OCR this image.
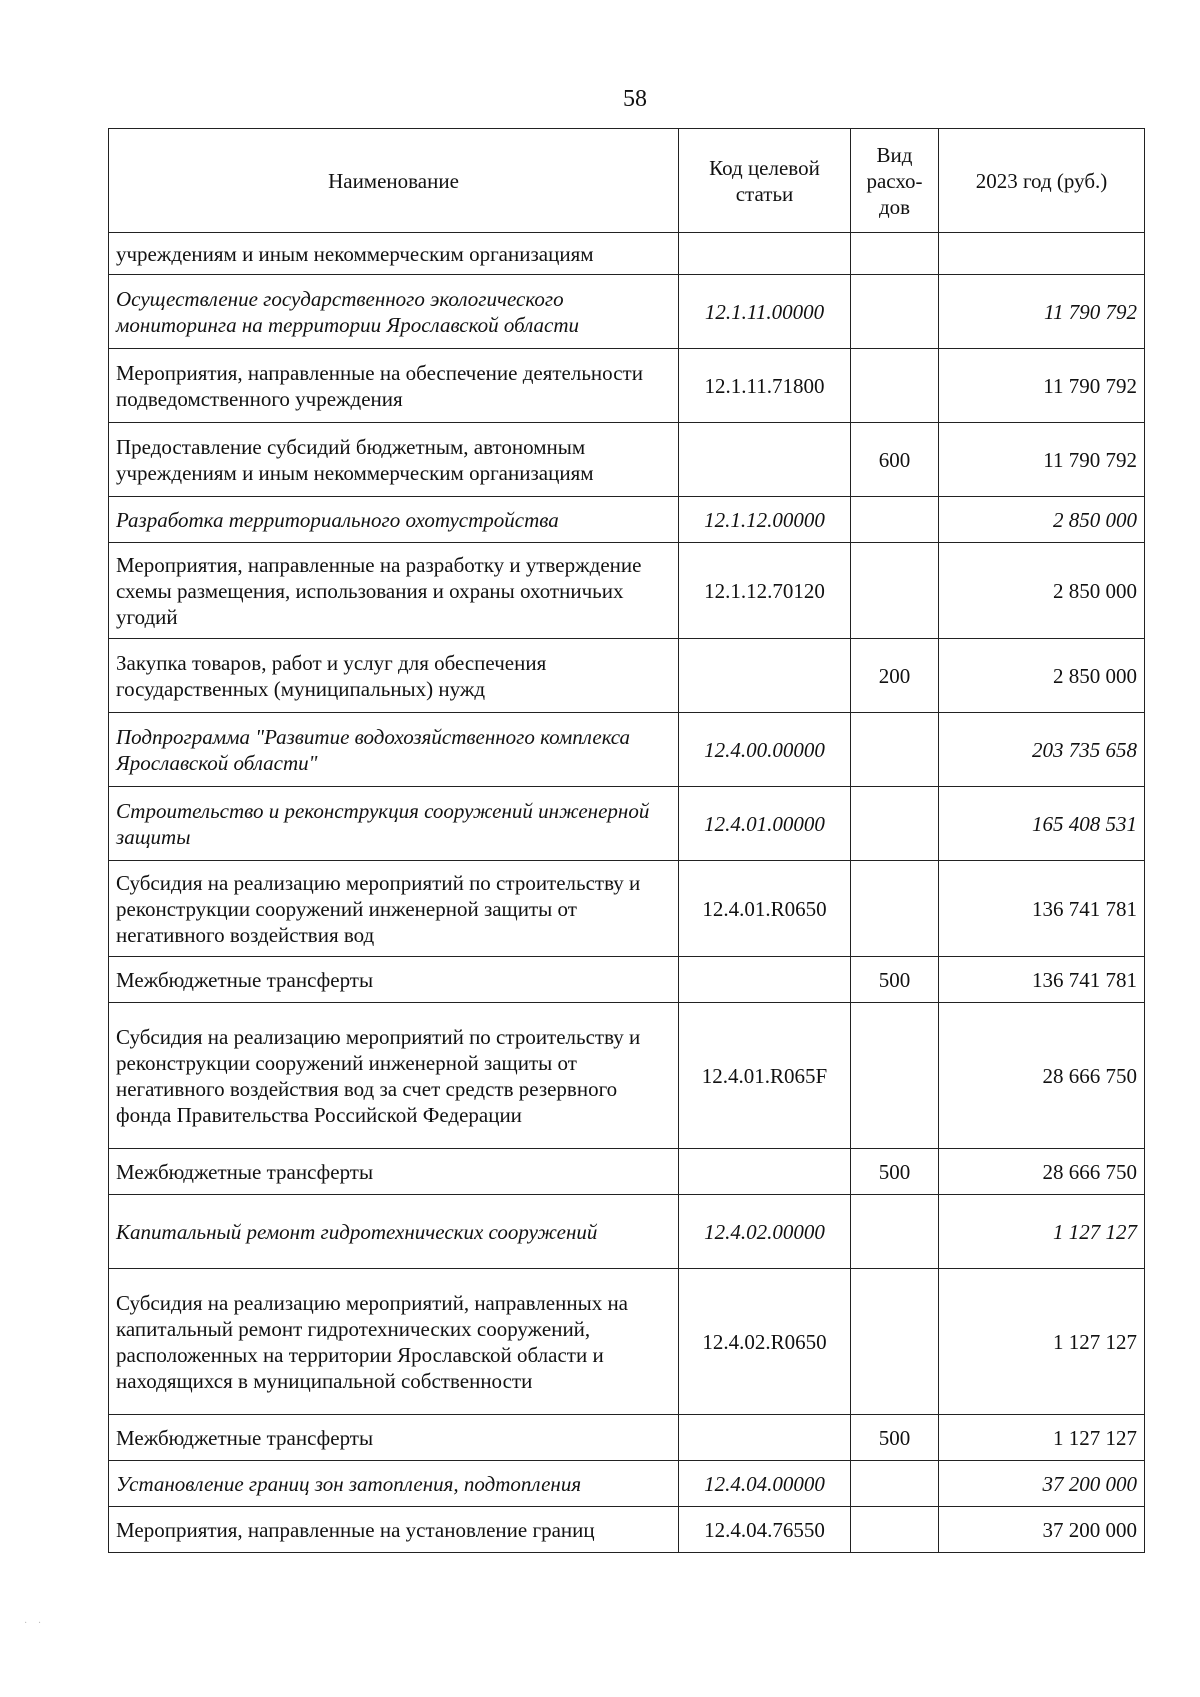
58
Наименование	Код целевой статьи	Вид расхо-дов	2023 год (руб.)
учреждениям и иным некоммерческим организациям			
Осуществление государственного экологического мониторинга на территории Ярославской области	12.1.11.00000		11 790 792
Мероприятия, направленные на обеспечение деятельности подведомственного учреждения	12.1.11.71800		11 790 792
Предоставление субсидий бюджетным, автономным учреждениям и иным некоммерческим организациям		600	11 790 792
Разработка территориального охотустройства	12.1.12.00000		2 850 000
Мероприятия, направленные на разработку и утверждение схемы размещения, использования и охраны охотничьих угодий	12.1.12.70120		2 850 000
Закупка товаров, работ и услуг для обеспечения государственных (муниципальных) нужд		200	2 850 000
Подпрограмма "Развитие водохозяйственного комплекса Ярославской области"	12.4.00.00000		203 735 658
Строительство и реконструкция сооружений инженерной защиты	12.4.01.00000		165 408 531
Субсидия на реализацию мероприятий по строительству и реконструкции сооружений инженерной защиты от негативного воздействия вод	12.4.01.R0650		136 741 781
Межбюджетные трансферты		500	136 741 781
Субсидия на реализацию мероприятий по строительству и реконструкции сооружений инженерной защиты от негативного воздействия вод за счет средств резервного фонда Правительства Российской Федерации	12.4.01.R065F		28 666 750
Межбюджетные трансферты		500	28 666 750
Капитальный ремонт гидротехнических сооружений	12.4.02.00000		1 127 127
Субсидия на реализацию мероприятий, направленных на капитальный ремонт гидротехнических сооружений, расположенных на территории Ярославской области и находящихся в муниципальной собственности	12.4.02.R0650		1 127 127
Межбюджетные трансферты		500	1 127 127
Установление границ зон затопления, подтопления	12.4.04.00000		37 200 000
Мероприятия, направленные на установление границ	12.4.04.76550		37 200 000
· ·
